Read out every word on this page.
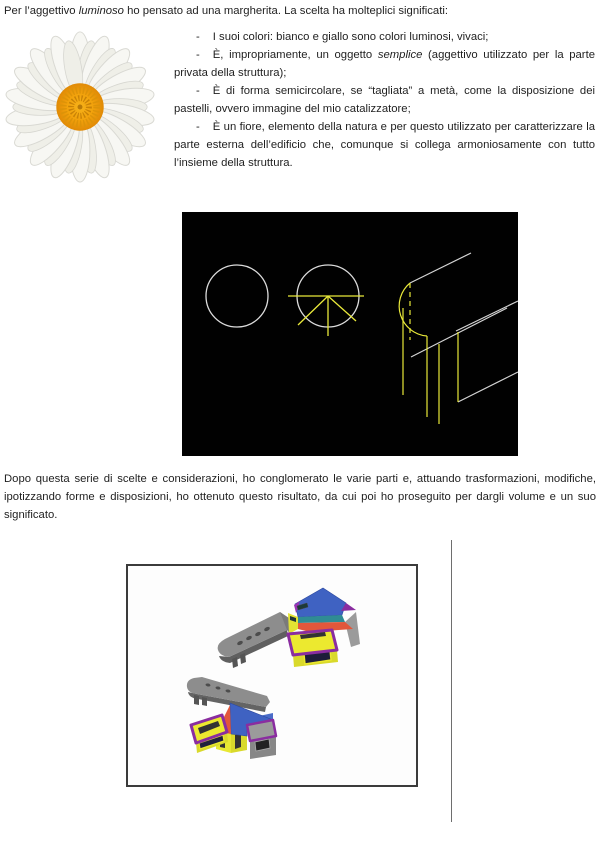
Per l’aggettivo luminoso ho pensato ad una margherita. La scelta ha molteplici significati:

- I suoi colori: bianco e giallo sono colori luminosi, vivaci;

- È, impropriamente, un oggetto semplice (aggettivo utilizzato per la parte privata della struttura);

- È di forma semicircolare, se “tagliata” a metà, come la disposizione dei pastelli, ovvero immagine del mio catalizzatore;

- È un fiore, elemento della natura e per questo utilizzato per caratterizzare la parte esterna dell’edificio che, comunque si collega armoniosamente con tutto l’insieme della struttura.

Dopo questa serie di scelte e considerazioni, ho conglomerato le varie parti e, attuando trasformazioni, modifiche, ipotizzando forme e disposizioni, ho ottenuto questo risultato, da cui poi ho proseguito per dargli volume e un suo significato.
